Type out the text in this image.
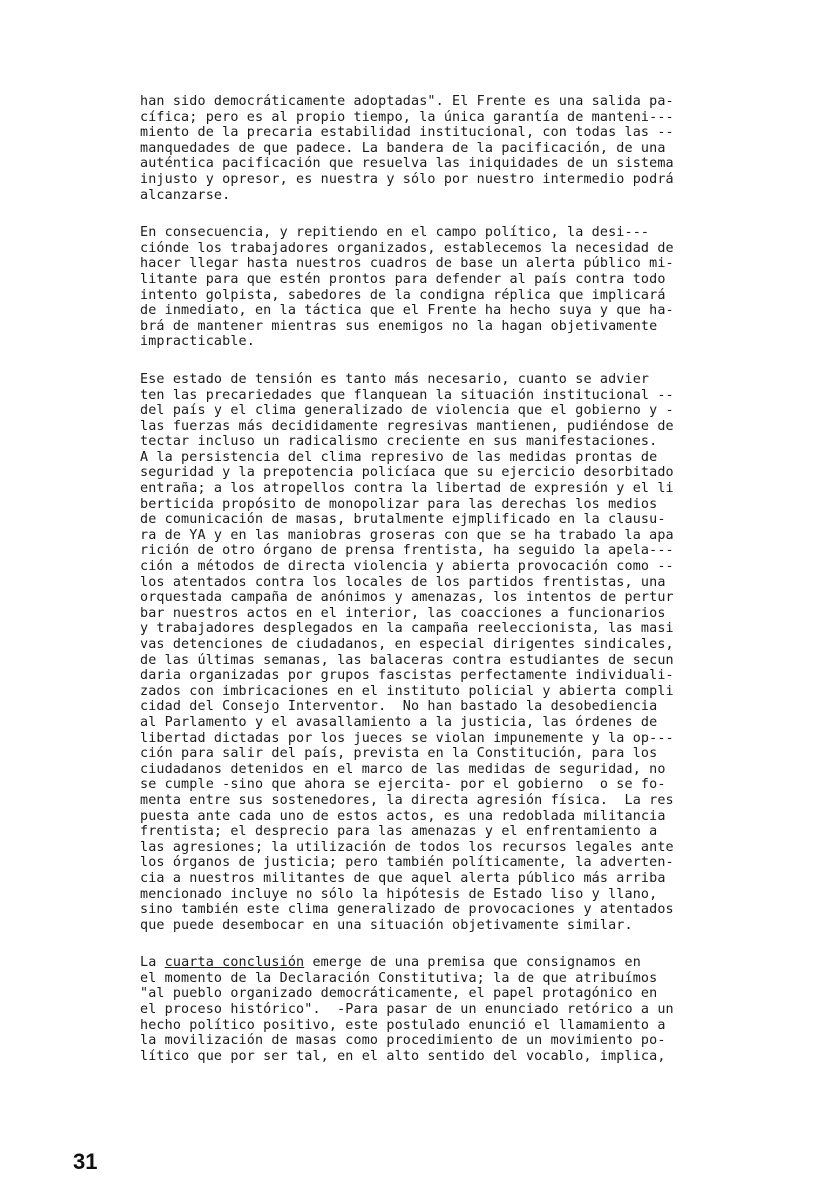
han sido democráticamente adoptadas". El Frente es una salida pa-
cífica; pero es al propio tiempo, la única garantía de manteni---
miento de la precaria estabilidad institucional, con todas las --
manquedades de que padece. La bandera de la pacificación, de una
auténtica pacificación que resuelva las iniquidades de un sistema
injusto y opresor, es nuestra y sólo por nuestro intermedio podrá
alcanzarse.
En consecuencia, y repitiendo en el campo político, la desi---
ciónde los trabajadores organizados, establecemos la necesidad de
hacer llegar hasta nuestros cuadros de base un alerta público mi-
litante para que estén prontos para defender al país contra todo
intento golpista, sabedores de la condigna réplica que implicará
de inmediato, en la táctica que el Frente ha hecho suya y que ha-
brá de mantener mientras sus enemigos no la hagan objetivamente
impracticable.
Ese estado de tensión es tanto más necesario, cuanto se advier
ten las precariedades que flanquean la situación institucional --
del país y el clima generalizado de violencia que el gobierno y -
las fuerzas más decididamente regresivas mantienen, pudiéndose de
tectar incluso un radicalismo creciente en sus manifestaciones.
A la persistencia del clima represivo de las medidas prontas de
seguridad y la prepotencia policíaca que su ejercicio desorbitado
entraña; a los atropellos contra la libertad de expresión y el li
berticida propósito de monopolizar para las derechas los medios
de comunicación de masas, brutalmente ejmplificado en la clausu-
ra de YA y en las maniobras groseras con que se ha trabado la apa
rición de otro órgano de prensa frentista, ha seguido la apela---
ción a métodos de directa violencia y abierta provocación como --
los atentados contra los locales de los partidos frentistas, una
orquestada campaña de anónimos y amenazas, los intentos de pertur
bar nuestros actos en el interior, las coacciones a funcionarios
y trabajadores desplegados en la campaña reeleccionista, las masi
vas detenciones de ciudadanos, en especial dirigentes sindicales,
de las últimas semanas, las balaceras contra estudiantes de secun
daria organizadas por grupos fascistas perfectamente individuali-
zados con imbricaciones en el instituto policial y abierta compli
cidad del Consejo Interventor.  No han bastado la desobediencia
al Parlamento y el avasallamiento a la justicia, las órdenes de
libertad dictadas por los jueces se violan impunemente y la op---
ción para salir del país, prevista en la Constitución, para los
ciudadanos detenidos en el marco de las medidas de seguridad, no
se cumple -sino que ahora se ejercita- por el gobierno  o se fo-
menta entre sus sostenedores, la directa agresión física.  La res
puesta ante cada uno de estos actos, es una redoblada militancia
frentista; el desprecio para las amenazas y el enfrentamiento a
las agresiones; la utilización de todos los recursos legales ante
los órganos de justicia; pero también políticamente, la adverten-
cia a nuestros militantes de que aquel alerta público más arriba
mencionado incluye no sólo la hipótesis de Estado liso y llano,
sino también este clima generalizado de provocaciones y atentados
que puede desembocar en una situación objetivamente similar.
La cuarta conclusión emerge de una premisa que consignamos en
el momento de la Declaración Constitutiva; la de que atribuímos
"al pueblo organizado democráticamente, el papel protagónico en
el proceso histórico".  -Para pasar de un enunciado retórico a un
hecho político positivo, este postulado enunció el llamamiento a
la movilización de masas como procedimiento de un movimiento po-
lítico que por ser tal, en el alto sentido del vocablo, implica,
31
